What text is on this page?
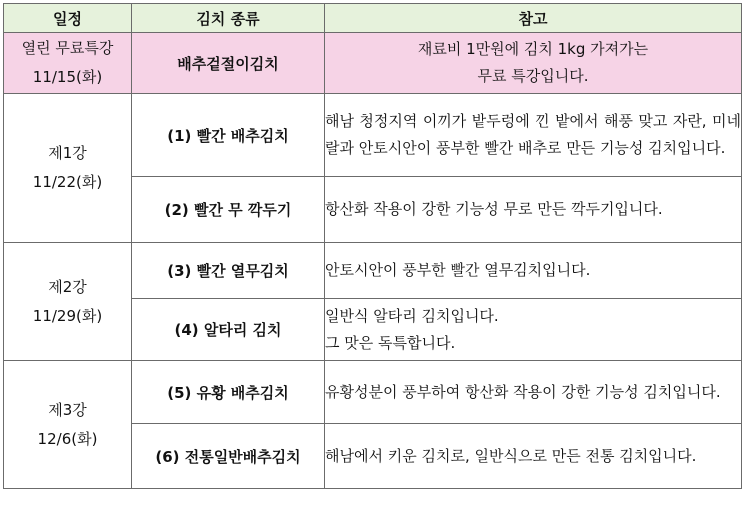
일정	김치 종류	참고

열린 무료특강
11/15(화)	배추겉절이김치	재료비 1만원에 김치 1kg 가져가는
무료 특강입니다.

제1강
11/22(화)	(1) 빨간 배추김치	해남 청정지역 이끼가 밭두렁에 낀 밭에서 해풍 맞고 자란, 미네랄과 안토시안이 풍부한 빨간 배추로 만든 기능성 김치입니다.
	(2) 빨간 무 깍두기	항산화 작용이 강한 기능성 무로 만든 깍두기입니다.

제2강
11/29(화)	(3) 빨간 열무김치	안토시안이 풍부한 빨간 열무김치입니다.
	(4) 알타리 김치	일반식 알타리 김치입니다.
그 맛은 독특합니다.

제3강
12/6(화)	(5) 유황 배추김치	유황성분이 풍부하여 항산화 작용이 강한 기능성 김치입니다.
	(6) 전통일반배추김치	해남에서 키운 김치로, 일반식으로 만든 전통 김치입니다.
